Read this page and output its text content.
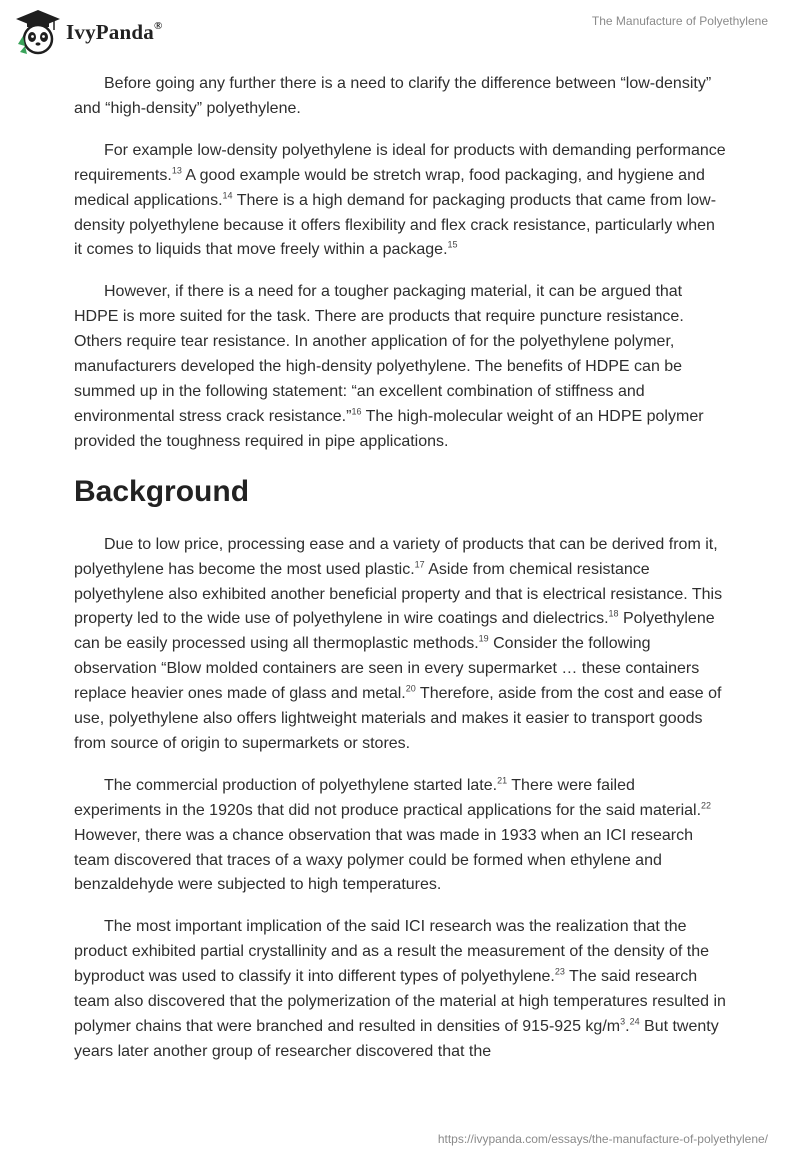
IvyPanda®	The Manufacture of Polyethylene

Before going any further there is a need to clarify the difference between “low-density” and “high-density” polyethylene.

For example low-density polyethylene is ideal for products with demanding performance requirements.$^{13}$ A good example would be stretch wrap, food packaging, and hygiene and medical applications.$^{14}$ There is a high demand for packaging products that came from low-density polyethylene because it offers flexibility and flex crack resistance, particularly when it comes to liquids that move freely within a package.$^{15}$

However, if there is a need for a tougher packaging material, it can be argued that HDPE is more suited for the task. There are products that require puncture resistance. Others require tear resistance. In another application of for the polyethylene polymer, manufacturers developed the high-density polyethylene. The benefits of HDPE can be summed up in the following statement: “an excellent combination of stiffness and environmental stress crack resistance.”$^{16}$ The high-molecular weight of an HDPE polymer provided the toughness required in pipe applications.

Background

Due to low price, processing ease and a variety of products that can be derived from it, polyethylene has become the most used plastic.$^{17}$ Aside from chemical resistance polyethylene also exhibited another beneficial property and that is electrical resistance. This property led to the wide use of polyethylene in wire coatings and dielectrics.$^{18}$ Polyethylene can be easily processed using all thermoplastic methods.$^{19}$ Consider the following observation “Blow molded containers are seen in every supermarket … these containers replace heavier ones made of glass and metal.$^{20}$ Therefore, aside from the cost and ease of use, polyethylene also offers lightweight materials and makes it easier to transport goods from source of origin to supermarkets or stores.

The commercial production of polyethylene started late.$^{21}$ There were failed experiments in the 1920s that did not produce practical applications for the said material.$^{22}$ However, there was a chance observation that was made in 1933 when an ICI research team discovered that traces of a waxy polymer could be formed when ethylene and benzaldehyde were subjected to high temperatures.

The most important implication of the said ICI research was the realization that the product exhibited partial crystallinity and as a result the measurement of the density of the byproduct was used to classify it into different types of polyethylene.$^{23}$ The said research team also discovered that the polymerization of the material at high temperatures resulted in polymer chains that were branched and resulted in densities of 915-925 $kg/m^3.^{24}$ But twenty years later another group of researcher discovered that the

https://ivypanda.com/essays/the-manufacture-of-polyethylene/
